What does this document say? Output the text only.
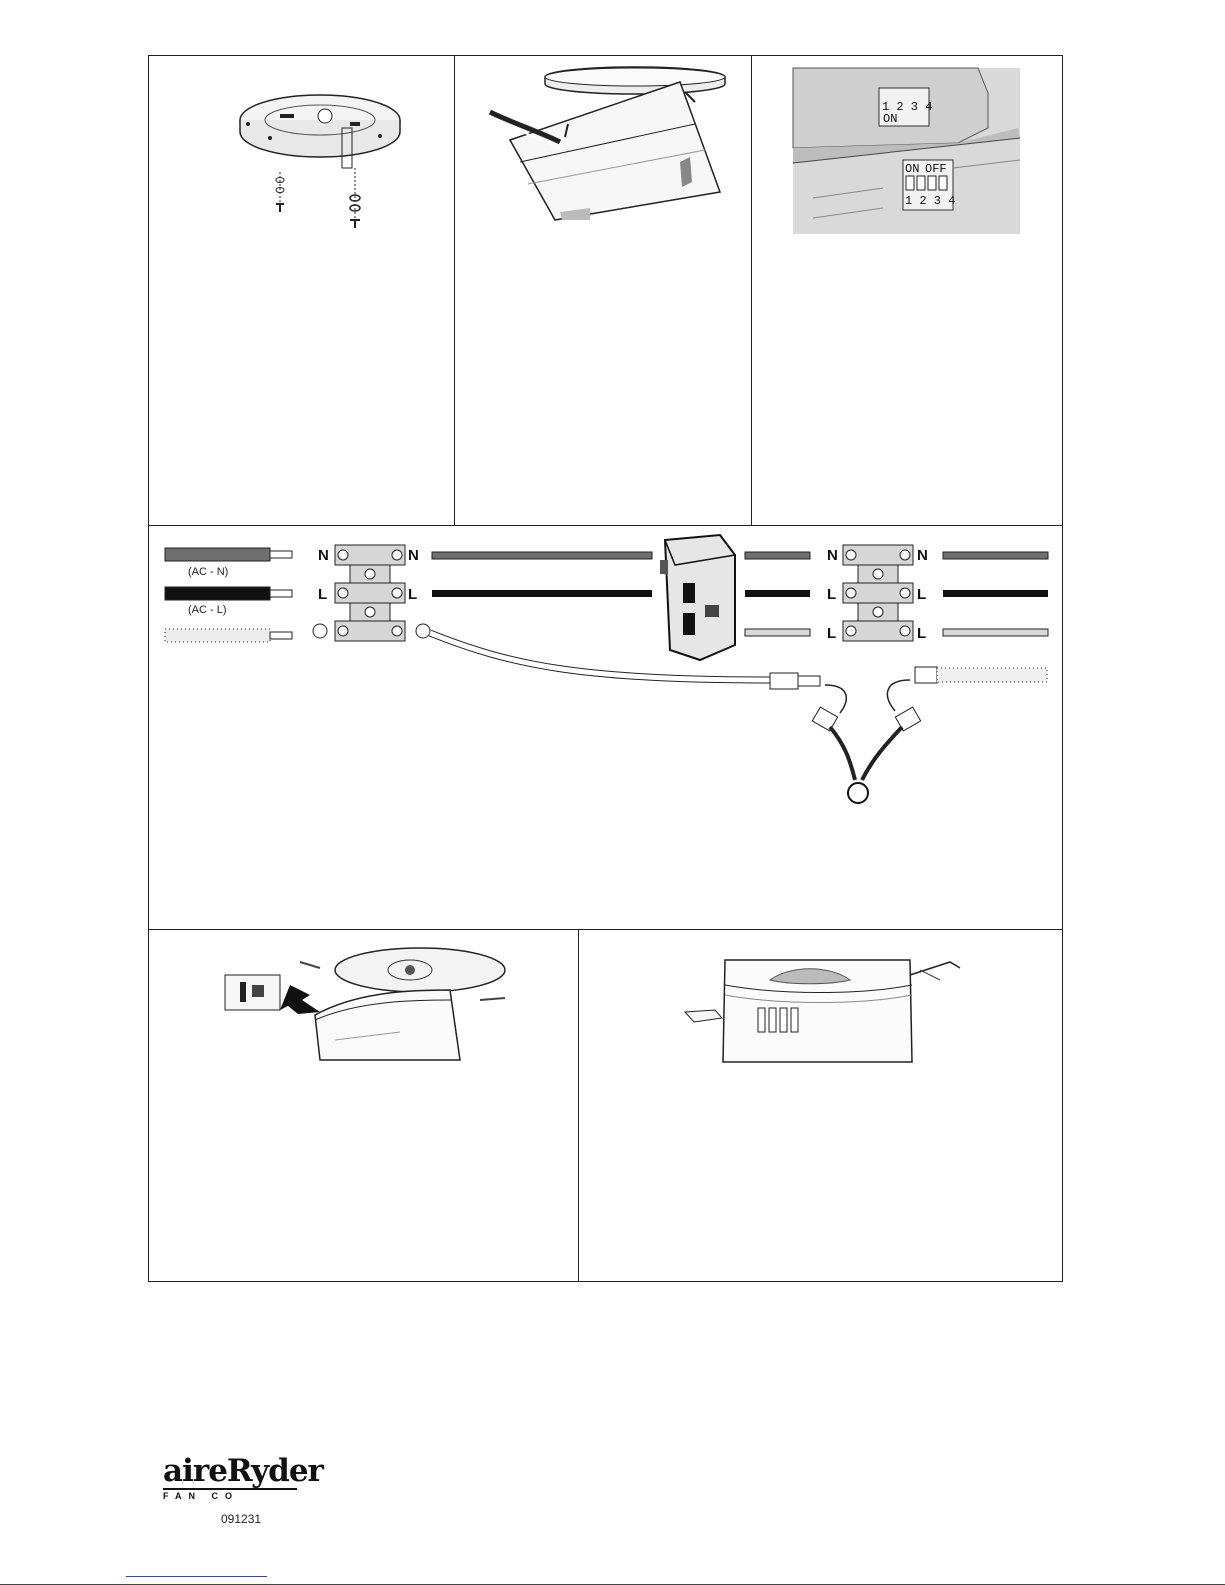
1 2 3 4
ON
ON OFF
1 2 3 4
(AC - N)
(AC - L)
N
L
N
L
N
L
L
N
L
L
aireRyder
FAN CO
091231
